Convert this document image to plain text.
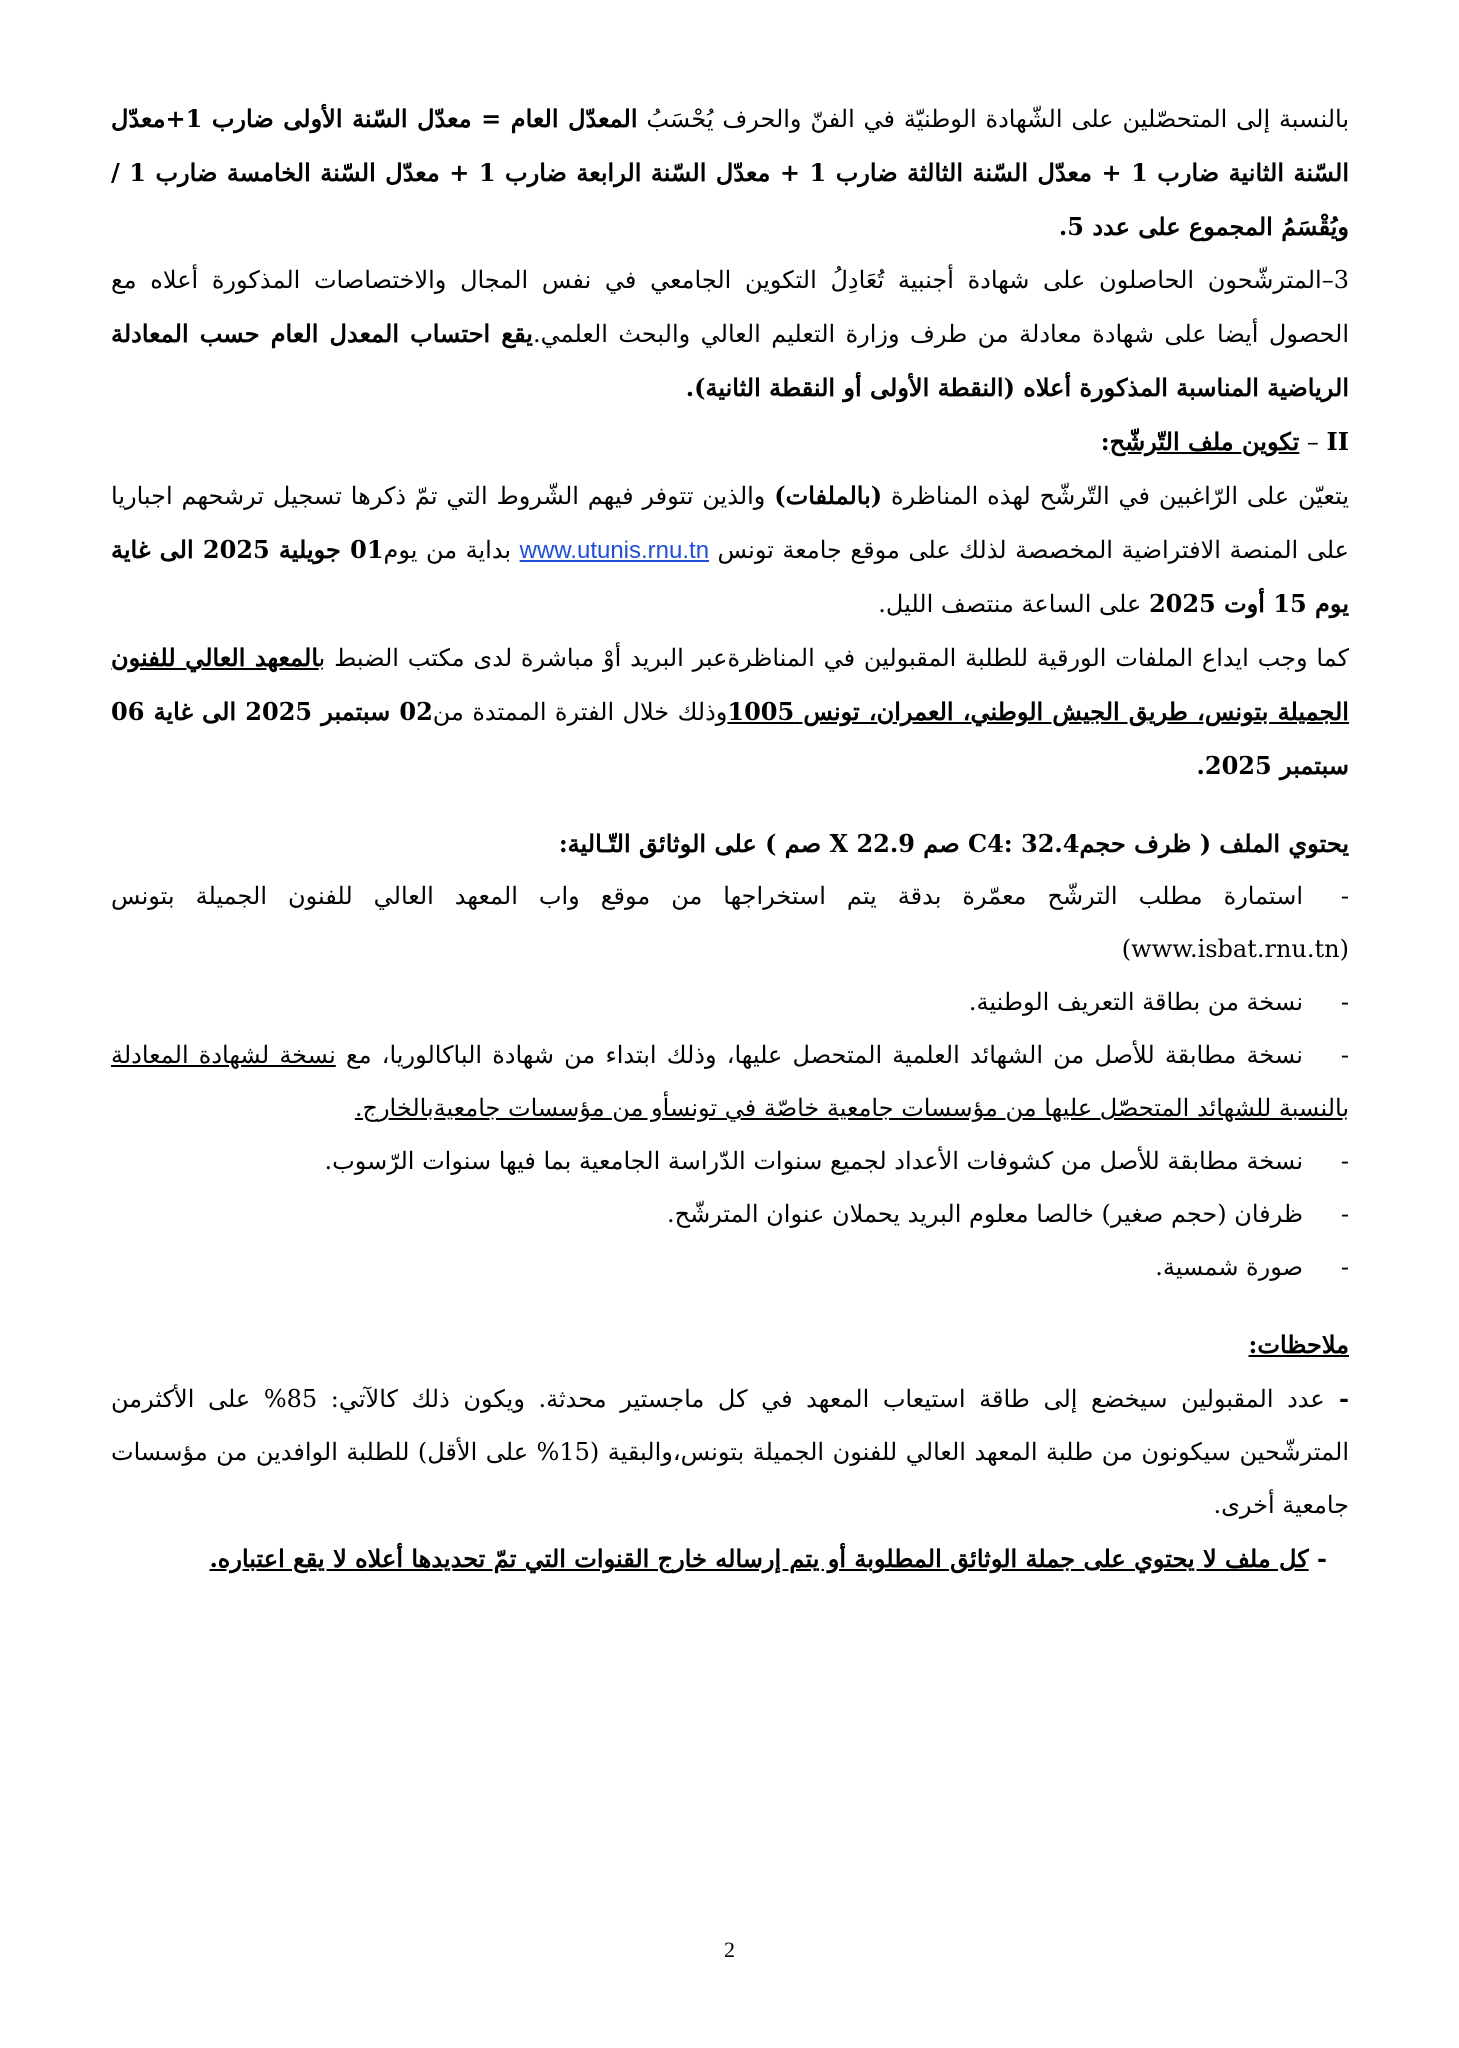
بالنسبة إلى المتحصّلين على الشّهادة الوطنيّة في الفنّ والحرف يُحْسَبُ المعدّل العام = معدّل السّنة الأولى ضارب 1+معدّل السّنة الثانية ضارب 1 + معدّل السّنة الثالثة ضارب 1 + معدّل السّنة الرابعة ضارب 1 + معدّل السّنة الخامسة ضارب 1 / ويُقْسَمُ المجموع على عدد 5.

3–المترشّحون الحاصلون على شهادة أجنبية تُعَادِلُ التكوين الجامعي في نفس المجال والاختصاصات المذكورة أعلاه مع الحصول أيضا على شهادة معادلة من طرف وزارة التعليم العالي والبحث العلمي.يقع احتساب المعدل العام حسب المعادلة الرياضية المناسبة المذكورة أعلاه (النقطة الأولى أو النقطة الثانية).

II – تكوين ملف التّرشّح:

يتعيّن على الرّاغبين في التّرشّح لهذه المناظرة (بالملفات) والذين تتوفر فيهم الشّروط التي تمّ ذكرها تسجيل ترشحهم اجباريا على المنصة الافتراضية المخصصة لذلك على موقع جامعة تونس www.utunis.rnu.tn بداية من يوم01 جويلية 2025 الى غاية يوم 15 أوت 2025 على الساعة منتصف الليل.

كما وجب ايداع الملفات الورقية للطلبة المقبولين في المناظرةعبر البريد أوْ مباشرة لدى مكتب الضبط بالمعهد العالي للفنون الجميلة بتونس، طريق الجيش الوطني، العمران، تونس 1005وذلك خلال الفترة الممتدة من02 سبتمبر 2025 الى غاية 06 سبتمبر 2025.

يحتوي الملف ( ظرف حجمC4: 32.4 صم X 22.9 صم ) على الوثائق التّـالية:

-استمارة مطلب الترشّح معمّرة بدقة يتم استخراجها من موقع واب المعهد العالي للفنون الجميلة بتونس (www.isbat.rnu.tn)
-نسخة من بطاقة التعريف الوطنية.
-نسخة مطابقة للأصل من الشهائد العلمية المتحصل عليها، وذلك ابتداء من شهادة الباكالوريا، مع نسخة لشهادة المعادلة بالنسبة للشهائد المتحصّل عليها من مؤسسات جامعية خاصّة في تونسأو من مؤسسات جامعيةبالخارج.
-نسخة مطابقة للأصل من كشوفات الأعداد لجميع سنوات الدّراسة الجامعية بما فيها سنوات الرّسوب.
-ظرفان (حجم صغير) خالصا معلوم البريد يحملان عنوان المترشّح.
-صورة شمسية.

ملاحظات:

- عدد المقبولين سيخضع إلى طاقة استيعاب المعهد في كل ماجستير محدثة. ويكون ذلك كالآتي: 85% على الأكثرمن المترشّحين سيكونون من طلبة المعهد العالي للفنون الجميلة بتونس،والبقية (15% على الأقل) للطلبة الوافدين من مؤسسات جامعية أخرى.

- كل ملف لا يحتوي على جملة الوثائق المطلوبة أو يتم إرساله خارج القنوات التي تمّ تحديدها أعلاه لا يقع اعتباره.

2
